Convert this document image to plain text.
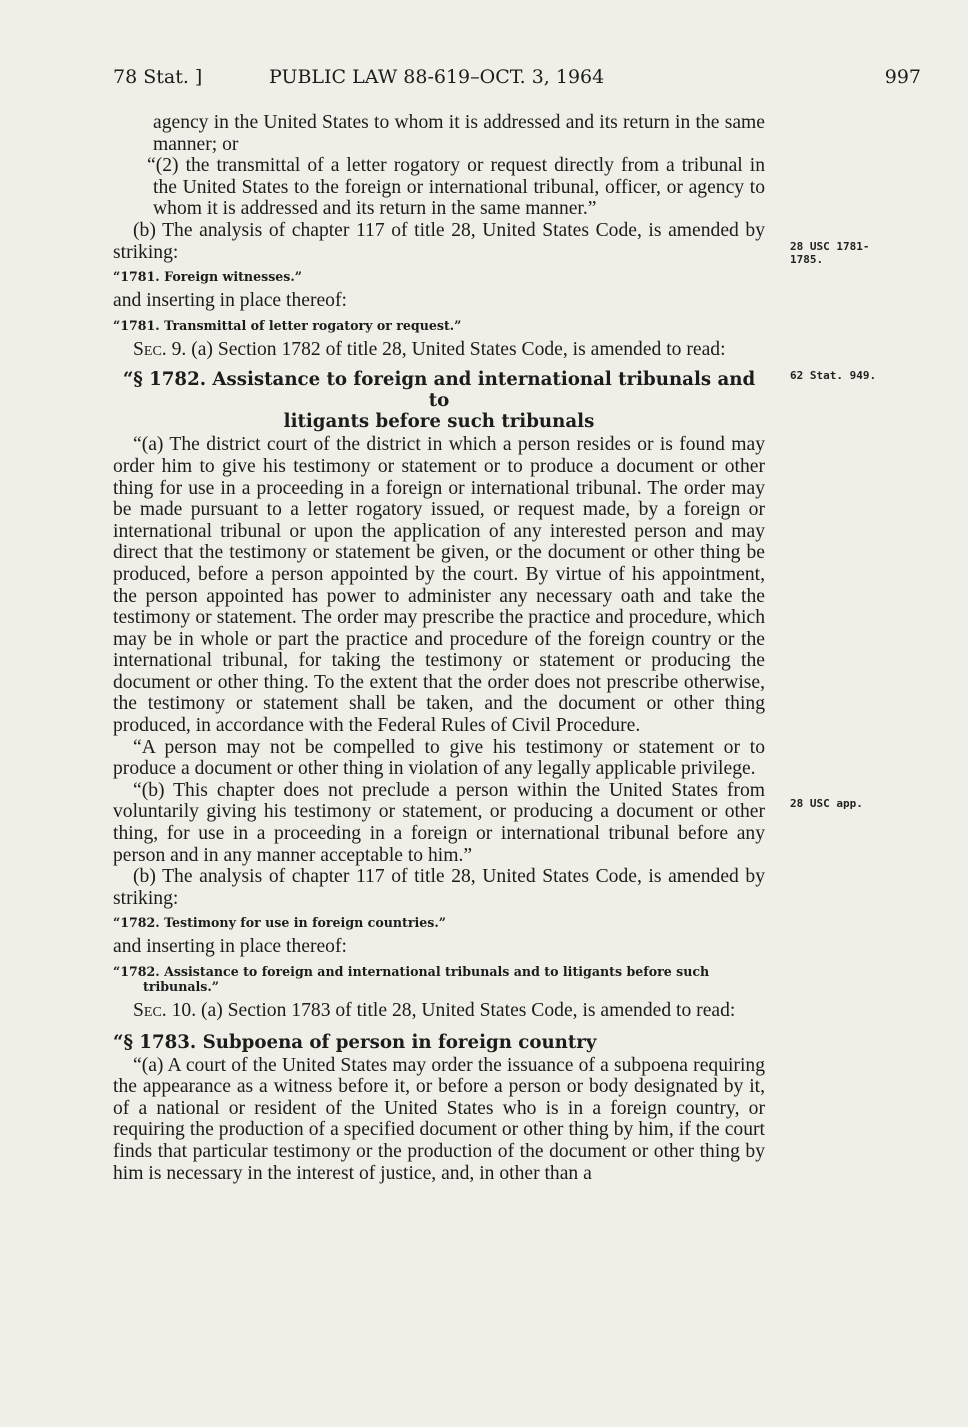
78 Stat. ]	PUBLIC LAW 88-619–OCT. 3, 1964	997

agency in the United States to whom it is addressed and its return in the same manner; or

“(2) the transmittal of a letter rogatory or request directly from a tribunal in the United States to the foreign or international tribunal, officer, or agency to whom it is addressed and its return in the same manner.”

(b) The analysis of chapter 117 of title 28, United States Code, is amended by striking:

“1781. Foreign witnesses.”

and inserting in place thereof:

“1781. Transmittal of letter rogatory or request.”

Sec. 9. (a) Section 1782 of title 28, United States Code, is amended to read:

“§ 1782. Assistance to foreign and international tribunals and to
litigants before such tribunals

“(a) The district court of the district in which a person resides or is found may order him to give his testimony or statement or to produce a document or other thing for use in a proceeding in a foreign or international tribunal. The order may be made pursuant to a letter rogatory issued, or request made, by a foreign or international tribunal or upon the application of any interested person and may direct that the testimony or statement be given, or the document or other thing be produced, before a person appointed by the court. By virtue of his appointment, the person appointed has power to administer any necessary oath and take the testimony or statement. The order may prescribe the practice and procedure, which may be in whole or part the practice and procedure of the foreign country or the international tribunal, for taking the testimony or statement or producing the document or other thing. To the extent that the order does not prescribe otherwise, the testimony or statement shall be taken, and the document or other thing produced, in accordance with the Federal Rules of Civil Procedure.

“A person may not be compelled to give his testimony or statement or to produce a document or other thing in violation of any legally applicable privilege.

“(b) This chapter does not preclude a person within the United States from voluntarily giving his testimony or statement, or producing a document or other thing, for use in a proceeding in a foreign or international tribunal before any person and in any manner acceptable to him.”

(b) The analysis of chapter 117 of title 28, United States Code, is amended by striking:

“1782. Testimony for use in foreign countries.”

and inserting in place thereof:

“1782. Assistance to foreign and international tribunals and to litigants before such tribunals.”

Sec. 10. (a) Section 1783 of title 28, United States Code, is amended to read:

“§ 1783. Subpoena of person in foreign country

“(a) A court of the United States may order the issuance of a subpoena requiring the appearance as a witness before it, or before a person or body designated by it, of a national or resident of the United States who is in a foreign country, or requiring the production of a specified document or other thing by him, if the court finds that particular testimony or the production of the document or other thing by him is necessary in the interest of justice, and, in other than a

28 USC 1781-
1785.
62 Stat. 949.
28 USC app.
